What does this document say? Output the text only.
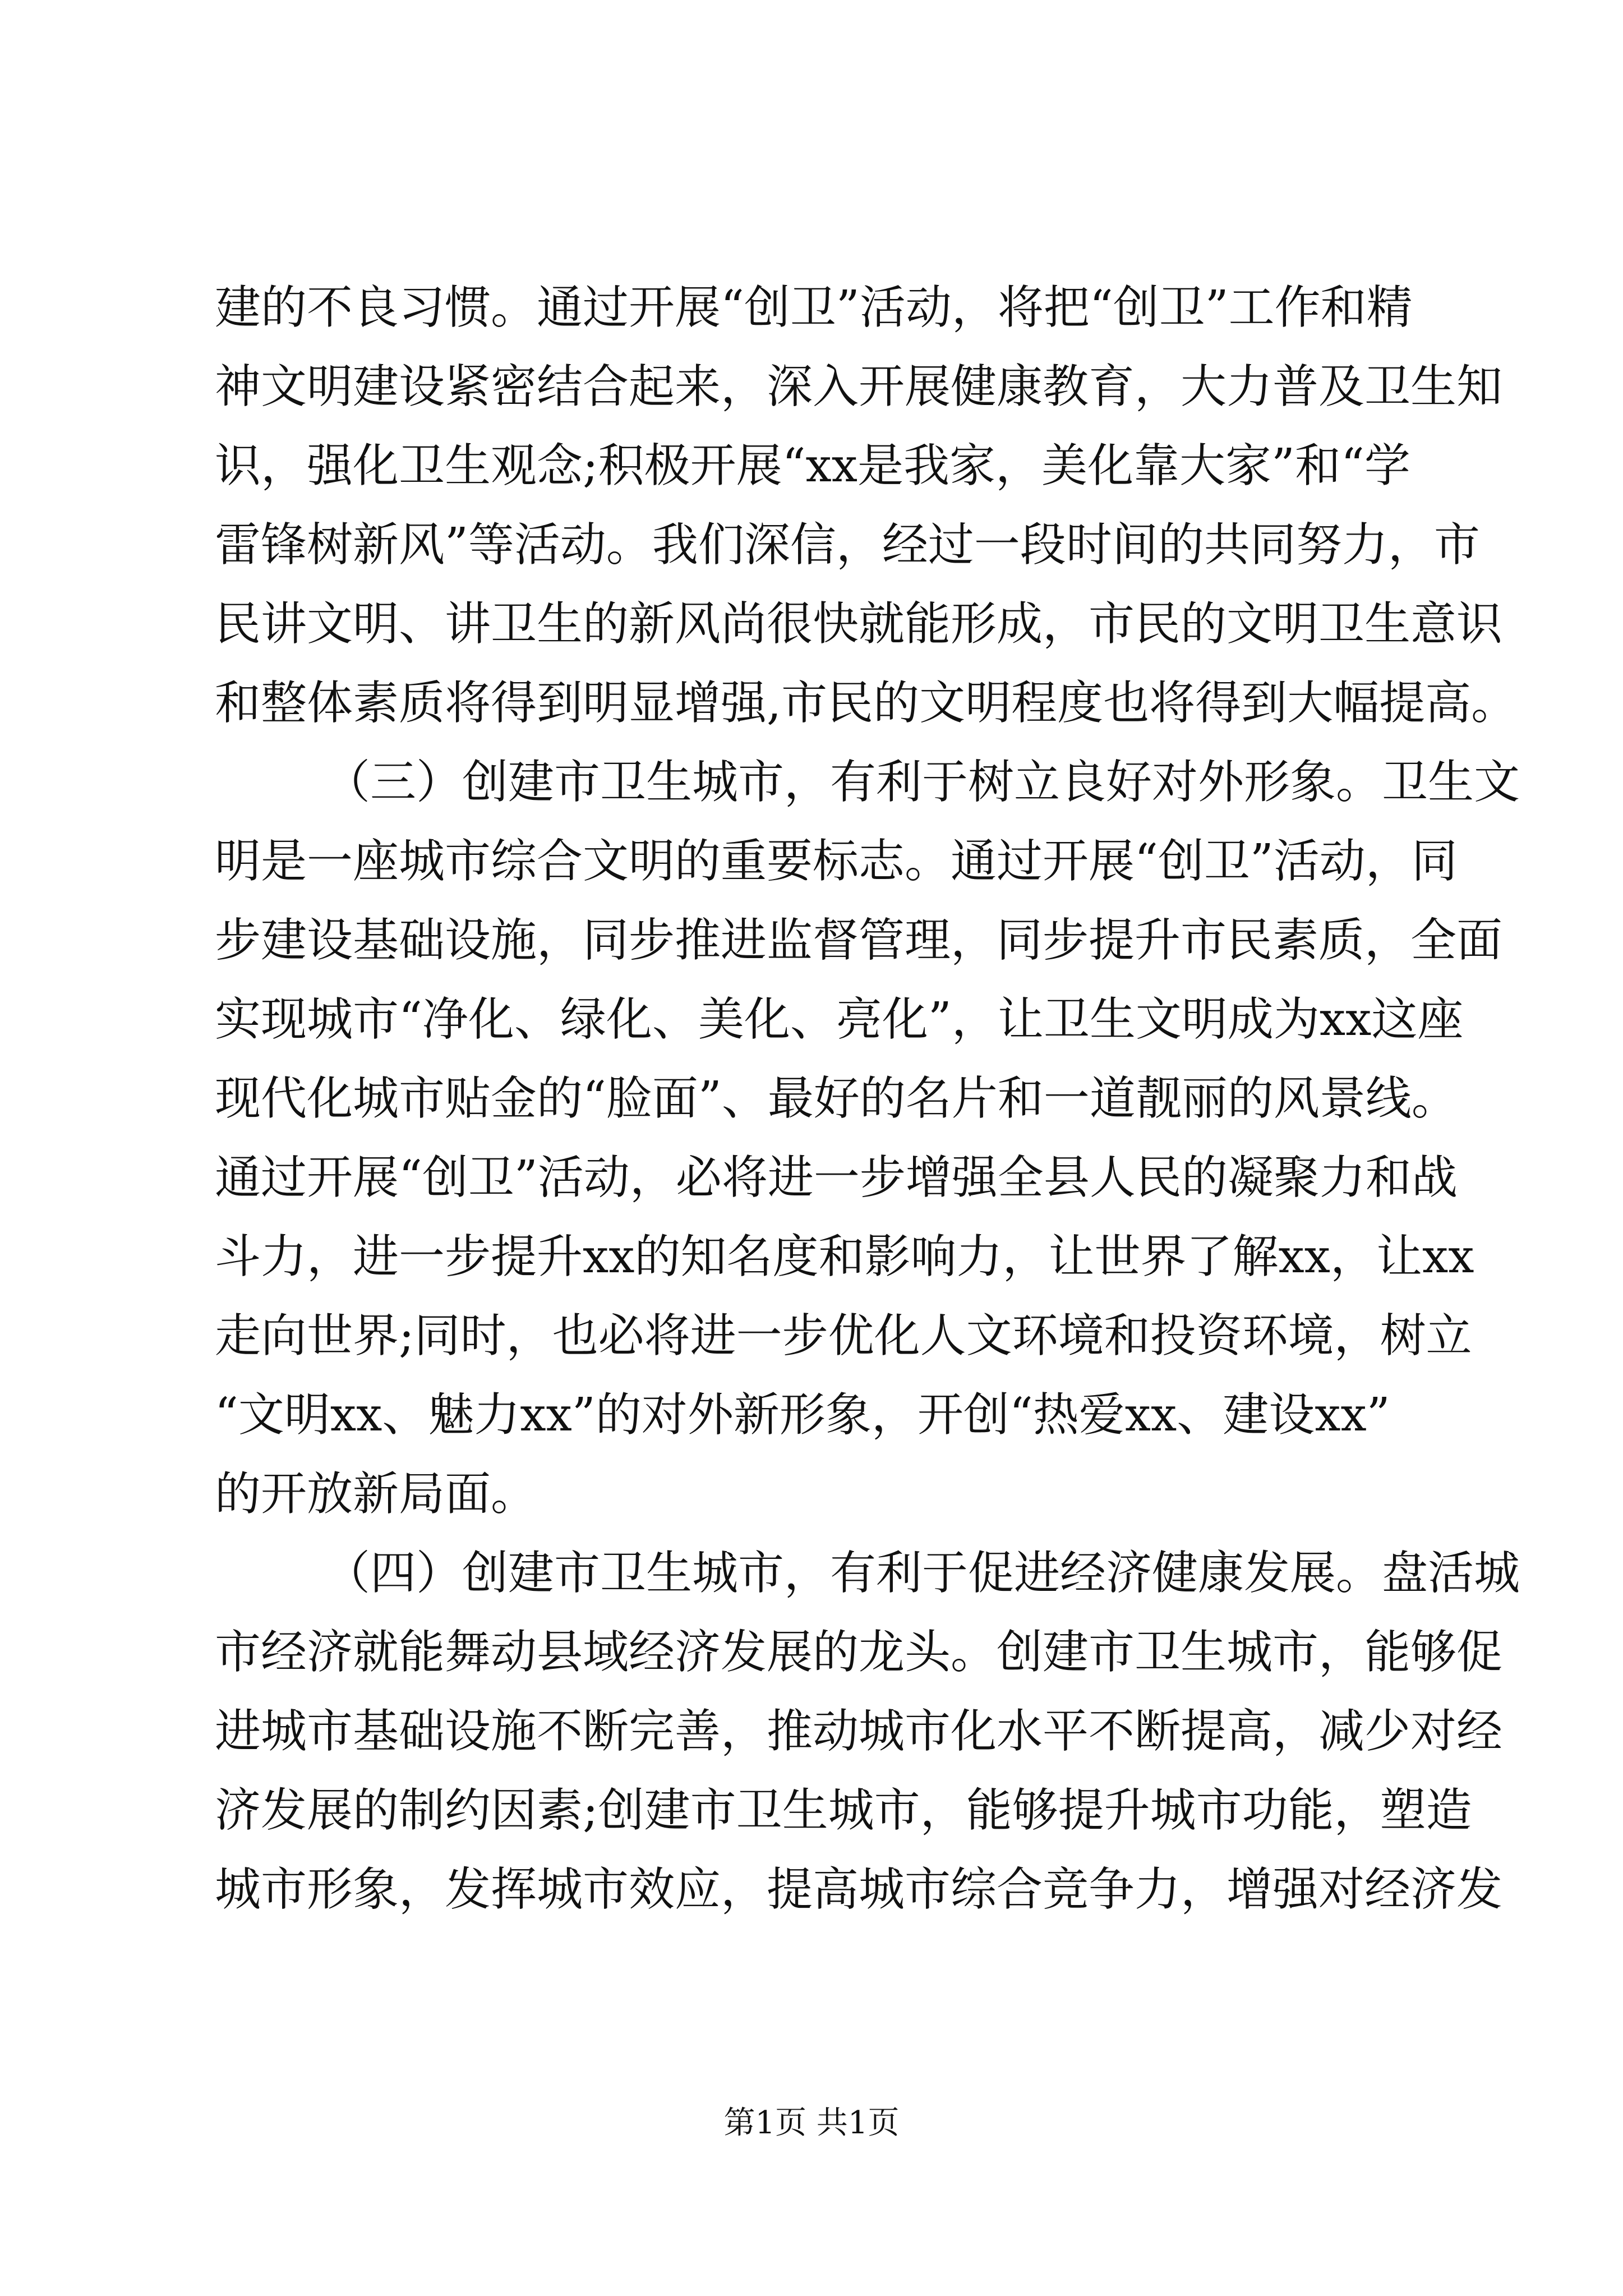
建的不良习惯。通过开展“创卫”活动，将把“创卫”工作和精
神文明建设紧密结合起来，深入开展健康教育，大力普及卫生知
识，强化卫生观念;积极开展“xx是我家，美化靠大家”和“学
雷锋树新风”等活动。我们深信，经过一段时间的共同努力，市
民讲文明、讲卫生的新风尚很快就能形成，市民的文明卫生意识
和整体素质将得到明显增强,市民的文明程度也将得到大幅提高。
（三）创建市卫生城市，有利于树立良好对外形象。卫生文
明是一座城市综合文明的重要标志。通过开展“创卫”活动，同
步建设基础设施，同步推进监督管理，同步提升市民素质，全面
实现城市“净化、绿化、美化、亮化”，让卫生文明成为xx这座
现代化城市贴金的“脸面”、最好的名片和一道靓丽的风景线。
通过开展“创卫”活动，必将进一步增强全县人民的凝聚力和战
斗力，进一步提升xx的知名度和影响力，让世界了解xx，让xx
走向世界;同时，也必将进一步优化人文环境和投资环境，树立
“文明xx、魅力xx”的对外新形象，开创“热爱xx、建设xx”
的开放新局面。
（四）创建市卫生城市，有利于促进经济健康发展。盘活城
市经济就能舞动县域经济发展的龙头。创建市卫生城市，能够促
进城市基础设施不断完善，推动城市化水平不断提高，减少对经
济发展的制约因素;创建市卫生城市，能够提升城市功能，塑造
城市形象，发挥城市效应，提高城市综合竞争力，增强对经济发
第1页 共1页
